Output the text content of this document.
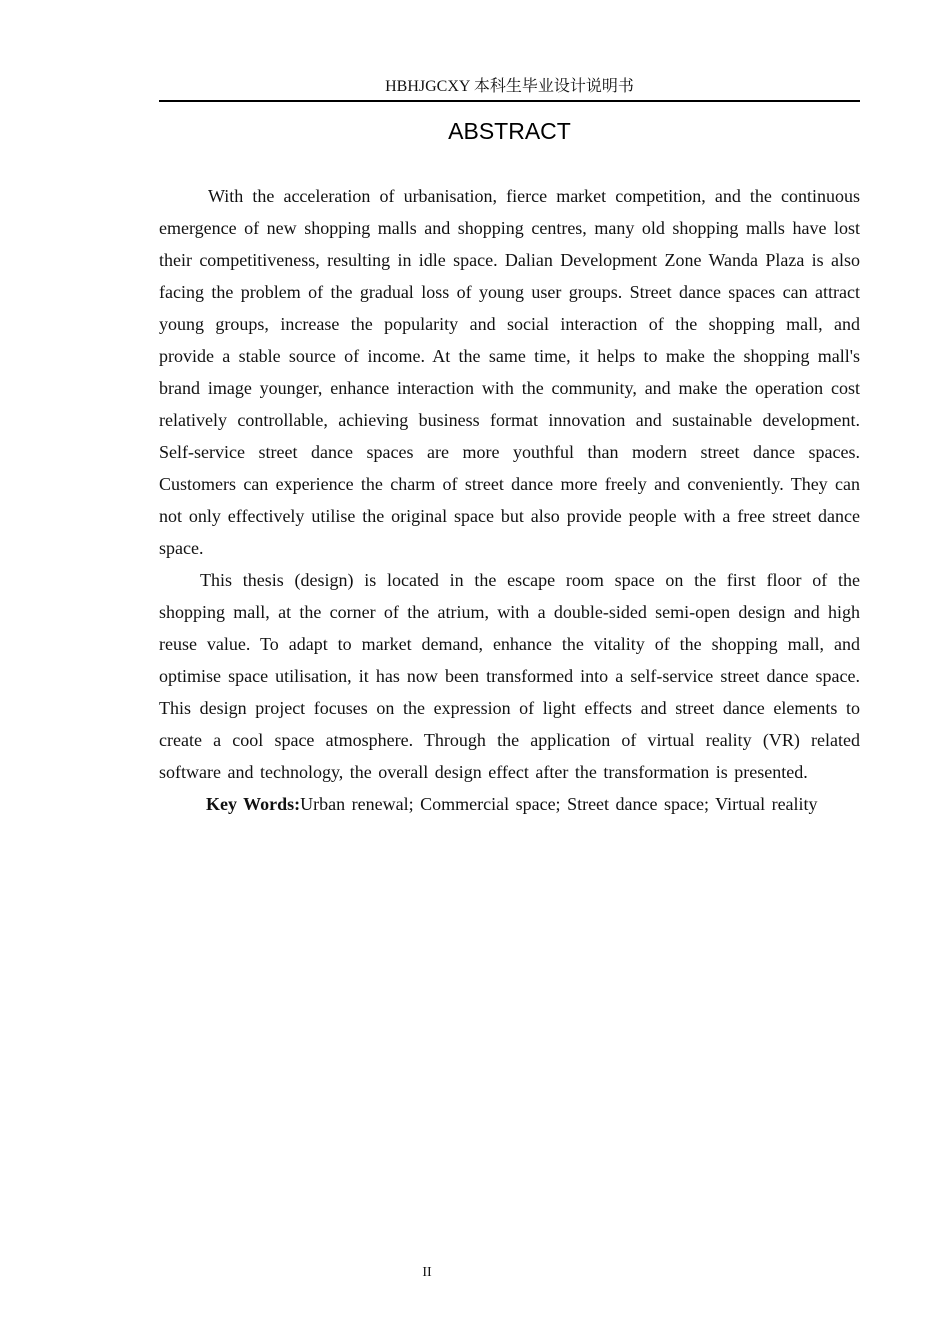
HBHJGCXY 本科生毕业设计说明书
ABSTRACT

With the acceleration of urbanisation, fierce market competition, and the continuous emergence of new shopping malls and shopping centres, many old shopping malls have lost their competitiveness, resulting in idle space. Dalian Development Zone Wanda Plaza is also facing the problem of the gradual loss of young user groups. Street dance spaces can attract young groups, increase the popularity and social interaction of the shopping mall, and provide a stable source of income. At the same time, it helps to make the shopping mall's brand image younger, enhance interaction with the community, and make the operation cost relatively controllable, achieving business format innovation and sustainable development. Self-service street dance spaces are more youthful than modern street dance spaces. Customers can experience the charm of street dance more freely and conveniently. They can not only effectively utilise the original space but also provide people with a free street dance space.

This thesis (design) is located in the escape room space on the first floor of the shopping mall, at the corner of the atrium, with a double-sided semi-open design and high reuse value. To adapt to market demand, enhance the vitality of the shopping mall, and optimise space utilisation, it has now been transformed into a self-service street dance space. This design project focuses on the expression of light effects and street dance elements to create a cool space atmosphere. Through the application of virtual reality (VR) related software and technology, the overall design effect after the transformation is presented.

Key Words:Urban renewal; Commercial space; Street dance space; Virtual reality

II
